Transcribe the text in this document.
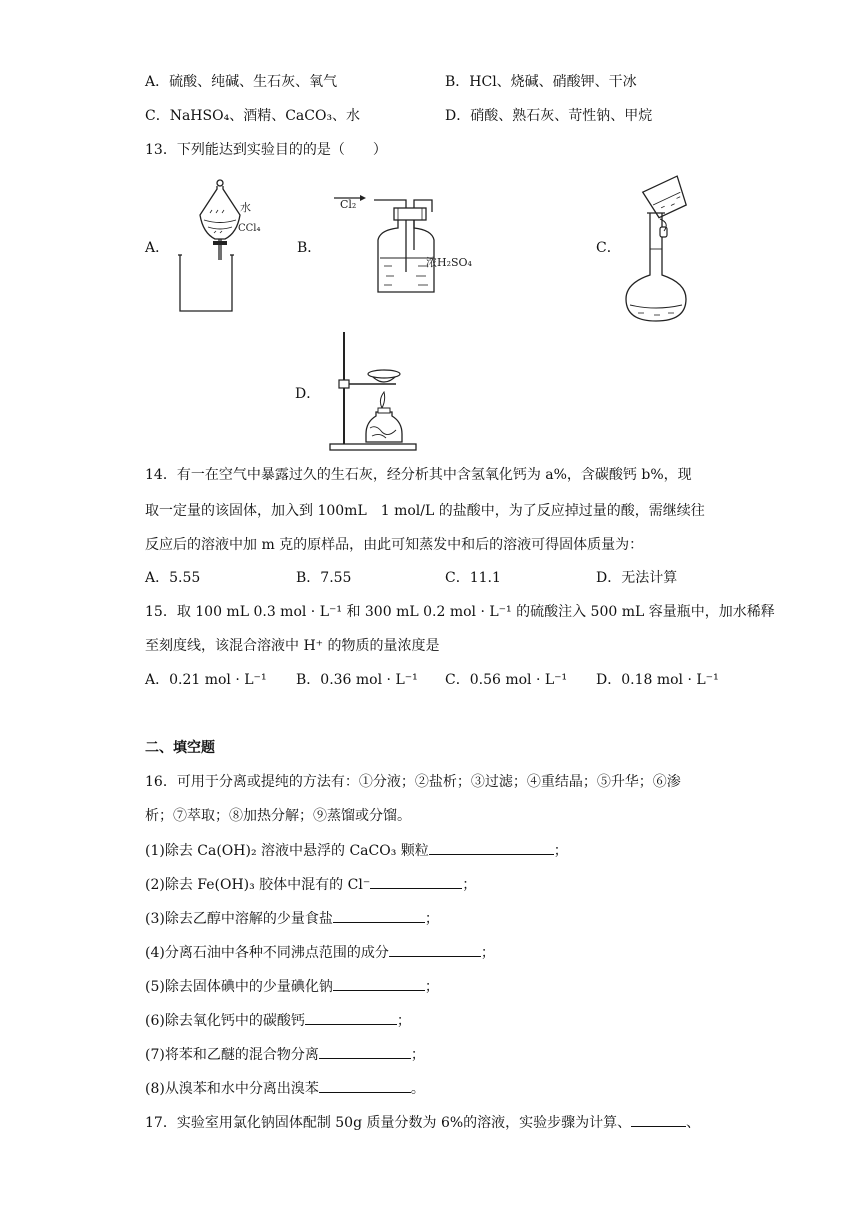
A．硫酸、纯碱、生石灰、氧气	B．HCl、烧碱、硝酸钾、干冰
C．NaHSO₄、酒精、CaCO₃、水	D．硝酸、熟石灰、苛性钠、甲烷
13．下列能达到实验目的的是（　　）
A．
水
CCl₄
B．
Cl₂
浓H₂SO₄
C．
D．
14．有一在空气中暴露过久的生石灰，经分析其中含氢氧化钙为 a%，含碳酸钙 b%，现
取一定量的该固体，加入到 100mL　1 mol/L 的盐酸中，为了反应掉过量的酸，需继续往
反应后的溶液中加 m 克的原样品，由此可知蒸发中和后的溶液可得固体质量为：
A．5.55	B．7.55	C．11.1	D．无法计算
15．取 100 mL 0.3 mol · L⁻¹ 和 300 mL 0.2 mol · L⁻¹ 的硫酸注入 500 mL 容量瓶中，加水稀释
至刻度线，该混合溶液中 H⁺ 的物质的量浓度是
A．0.21 mol · L⁻¹ B．0.36 mol · L⁻¹ C．0.56 mol · L⁻¹ D．0.18 mol · L⁻¹
二、填空题
16．可用于分离或提纯的方法有：①分液；②盐析；③过滤；④重结晶；⑤升华；⑥渗
析；⑦萃取；⑧加热分解；⑨蒸馏或分馏。
(1)除去 Ca(OH)₂ 溶液中悬浮的 CaCO₃ 颗粒	；
(2)除去 Fe(OH)₃ 胶体中混有的 Cl⁻	；
(3)除去乙醇中溶解的少量食盐	；
(4)分离石油中各种不同沸点范围的成分	；
(5)除去固体碘中的少量碘化钠	；
(6)除去氧化钙中的碳酸钙	；
(7)将苯和乙醚的混合物分离	；
(8)从溴苯和水中分离出溴苯	。
17．实验室用氯化钠固体配制 50g 质量分数为 6%的溶液，实验步骤为计算、	、
